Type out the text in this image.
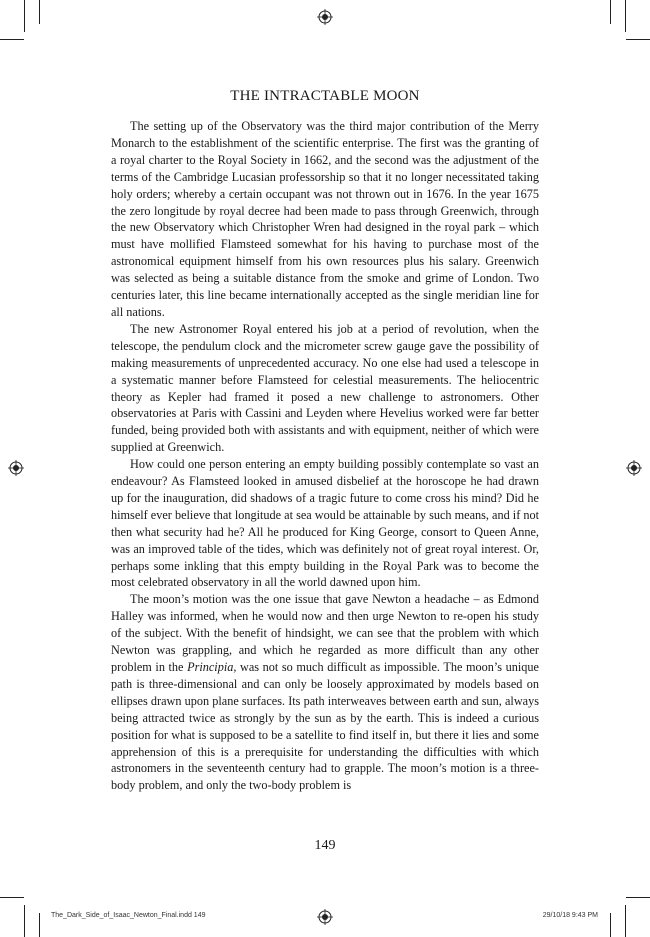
THE INTRACTABLE MOON

The setting up of the Observatory was the third major contribution of the Merry Monarch to the establishment of the scientific enterprise. The first was the granting of a royal charter to the Royal Society in 1662, and the second was the adjustment of the terms of the Cambridge Lucasian professorship so that it no longer necessitated taking holy orders; whereby a certain occupant was not thrown out in 1676. In the year 1675 the zero longitude by royal decree had been made to pass through Greenwich, through the new Observatory which Christopher Wren had designed in the royal park – which must have mollified Flamsteed somewhat for his having to purchase most of the astronomical equipment himself from his own resources plus his salary. Greenwich was selected as being a suitable distance from the smoke and grime of London. Two centuries later, this line became internationally accepted as the single meridian line for all nations.

The new Astronomer Royal entered his job at a period of revolution, when the telescope, the pendulum clock and the micrometer screw gauge gave the possibility of making measurements of unprecedented accuracy. No one else had used a telescope in a systematic manner before Flamsteed for celestial measurements. The heliocentric theory as Kepler had framed it posed a new challenge to astronomers. Other observatories at Paris with Cassini and Leyden where Hevelius worked were far better funded, being provided both with assistants and with equipment, neither of which were supplied at Greenwich.

How could one person entering an empty building possibly contemplate so vast an endeavour? As Flamsteed looked in amused disbelief at the horoscope he had drawn up for the inauguration, did shadows of a tragic future to come cross his mind? Did he himself ever believe that longitude at sea would be attainable by such means, and if not then what security had he? All he produced for King George, consort to Queen Anne, was an improved table of the tides, which was definitely not of great royal interest. Or, perhaps some inkling that this empty building in the Royal Park was to become the most celebrated observatory in all the world dawned upon him.

The moon’s motion was the one issue that gave Newton a headache – as Edmond Halley was informed, when he would now and then urge Newton to re-open his study of the subject. With the benefit of hindsight, we can see that the problem with which Newton was grappling, and which he regarded as more difficult than any other problem in the Principia, was not so much difficult as impossible. The moon’s unique path is three-dimensional and can only be loosely approximated by models based on ellipses drawn upon plane surfaces. Its path interweaves between earth and sun, always being attracted twice as strongly by the sun as by the earth. This is indeed a curious position for what is supposed to be a satellite to find itself in, but there it lies and some apprehension of this is a prerequisite for understanding the difficulties with which astronomers in the seventeenth century had to grapple. The moon’s motion is a three-body problem, and only the two-body problem is

149
The_Dark_Side_of_Isaac_Newton_Final.indd 149	29/10/18 9:43 PM
